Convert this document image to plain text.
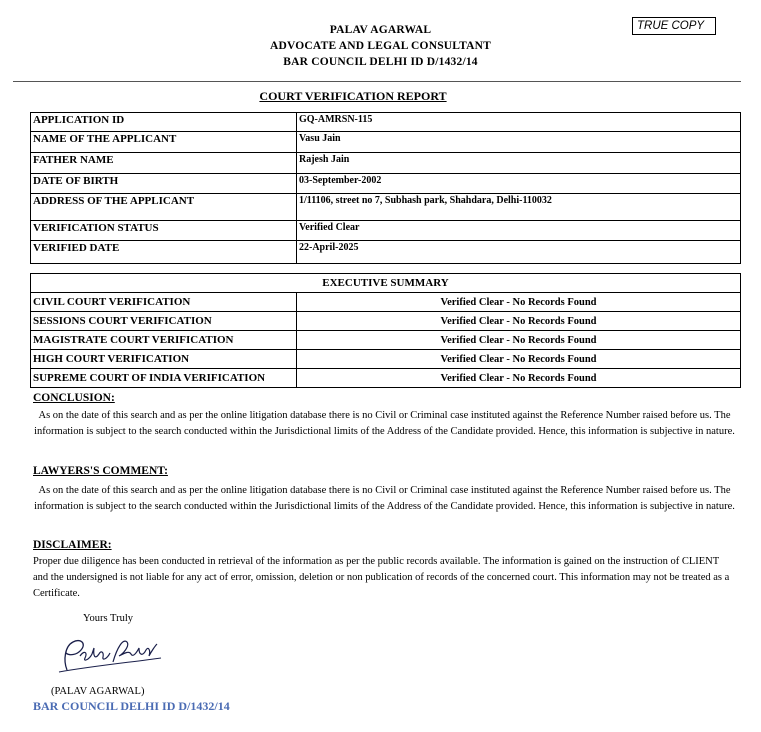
TRUE COPY
PALAV AGARWAL
ADVOCATE AND LEGAL CONSULTANT
BAR COUNCIL DELHI ID D/1432/14
COURT VERIFICATION REPORT
APPLICATION ID	GQ-AMRSN-115
NAME OF THE APPLICANT	Vasu Jain
FATHER NAME	Rajesh Jain
DATE OF BIRTH	03-September-2002
ADDRESS OF THE APPLICANT	1/11106, street no 7, Subhash park, Shahdara, Delhi-110032
VERIFICATION STATUS	Verified Clear
VERIFIED DATE	22-April-2025
EXECUTIVE SUMMARY	
CIVIL COURT VERIFICATION	Verified Clear - No Records Found
SESSIONS COURT VERIFICATION	Verified Clear - No Records Found
MAGISTRATE COURT VERIFICATION	Verified Clear - No Records Found
HIGH COURT VERIFICATION	Verified Clear - No Records Found
SUPREME COURT OF INDIA VERIFICATION	Verified Clear - No Records Found
CONCLUSION:
As on the date of this search and as per the online litigation database there is no Civil or Criminal case instituted against the Reference Number raised before us. The information is subject to the search conducted within the Jurisdictional limits of the Address of the Candidate provided. Hence, this information is subjective in nature.
LAWYERS'S COMMENT:
As on the date of this search and as per the online litigation database there is no Civil or Criminal case instituted against the Reference Number raised before us. The information is subject to the search conducted within the Jurisdictional limits of the Address of the Candidate provided. Hence, this information is subjective in nature.
DISCLAIMER:
Proper due diligence has been conducted in retrieval of the information as per the public records available. The information is gained on the instruction of CLIENT and the undersigned is not liable for any act of error, omission, deletion or non publication of records of the concerned court. This information may not be treated as a Certificate.
Yours Truly
(PALAV AGARWAL)
BAR COUNCIL DELHI ID D/1432/14
